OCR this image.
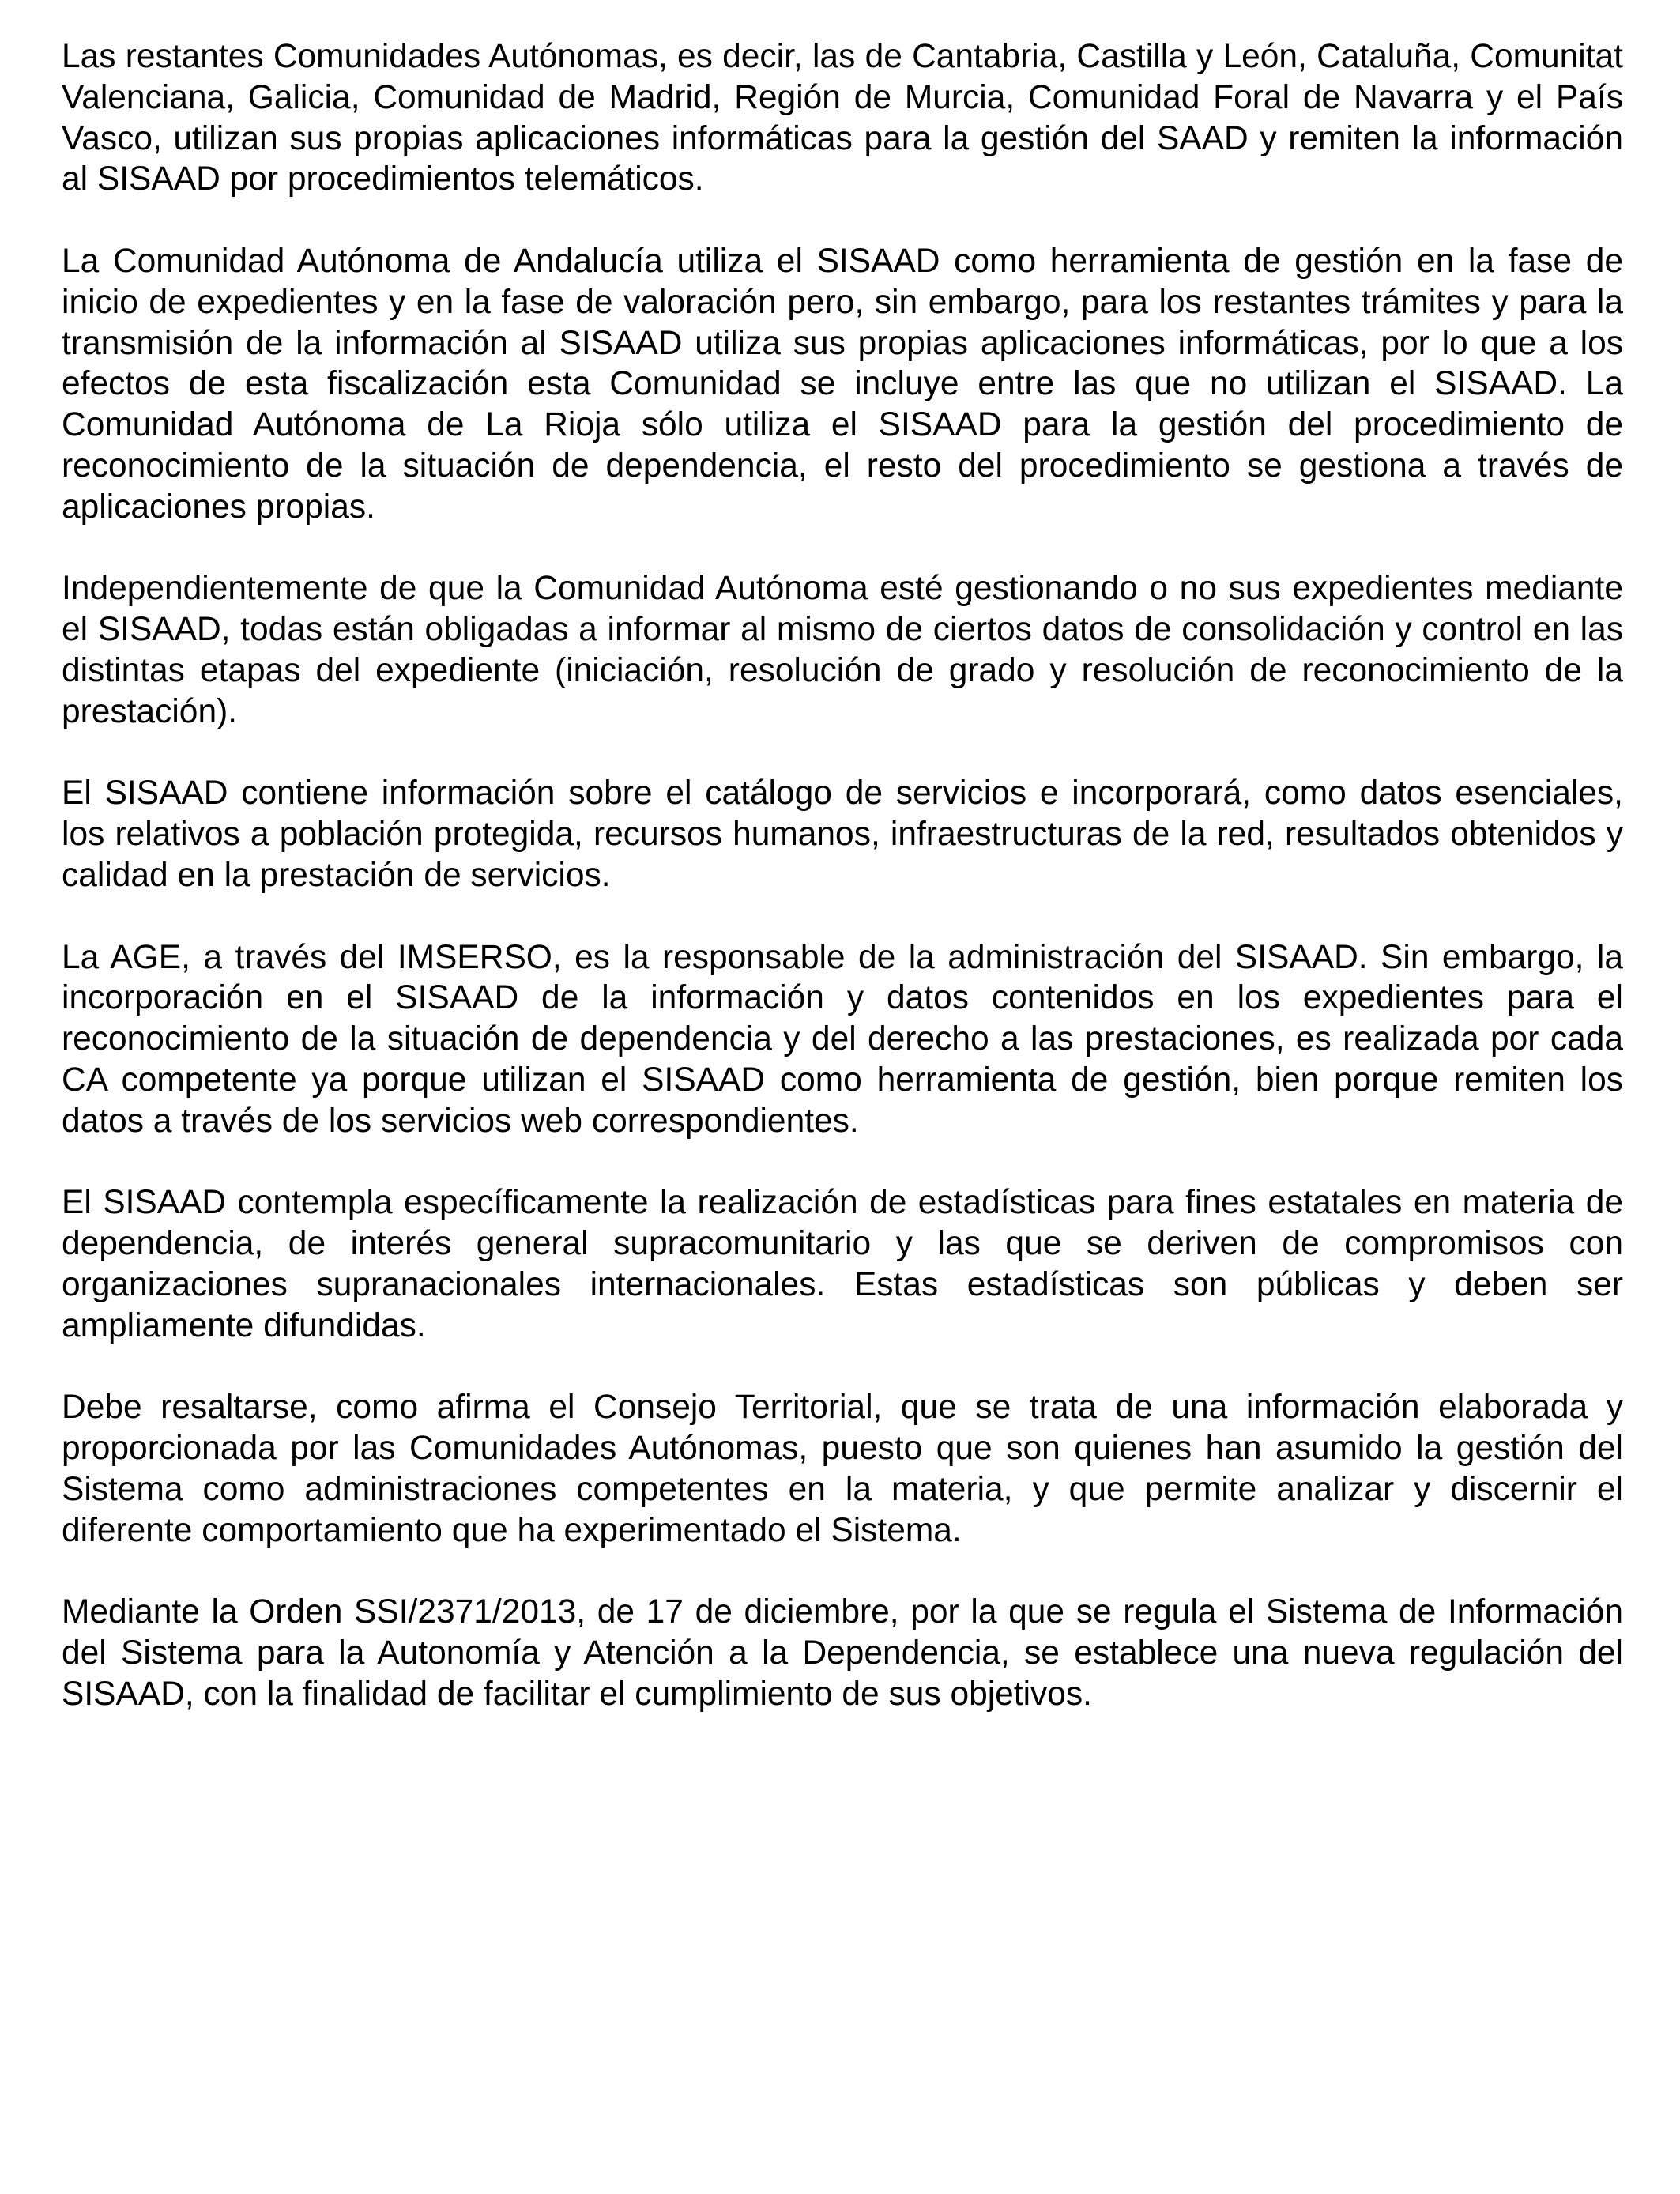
Las restantes Comunidades Autónomas, es decir, las de Cantabria, Castilla y León, Cataluña, Comunitat Valenciana, Galicia, Comunidad de Madrid, Región de Murcia, Comunidad Foral de Navarra y el País Vasco, utilizan sus propias aplicaciones informáticas para la gestión del SAAD y remiten la información al SISAAD por procedimientos telemáticos.

La Comunidad Autónoma de Andalucía utiliza el SISAAD como herramienta de gestión en la fase de inicio de expedientes y en la fase de valoración pero, sin embargo, para los restantes trámites y para la transmisión de la información al SISAAD utiliza sus propias aplicaciones informáticas, por lo que a los efectos de esta fiscalización esta Comunidad se incluye entre las que no utilizan el SISAAD. La Comunidad Autónoma de La Rioja sólo utiliza el SISAAD para la gestión del procedimiento de reconocimiento de la situación de dependencia, el resto del procedimiento se gestiona a través de aplicaciones propias.

Independientemente de que la Comunidad Autónoma esté gestionando o no sus expedientes mediante el SISAAD, todas están obligadas a informar al mismo de ciertos datos de consolidación y control en las distintas etapas del expediente (iniciación, resolución de grado y resolución de reconocimiento de la prestación).

El SISAAD contiene información sobre el catálogo de servicios e incorporará, como datos esenciales, los relativos a población protegida, recursos humanos, infraestructuras de la red, resultados obtenidos y calidad en la prestación de servicios.

La AGE, a través del IMSERSO, es la responsable de la administración del SISAAD. Sin embargo, la incorporación en el SISAAD de la información y datos contenidos en los expedientes para el reconocimiento de la situación de dependencia y del derecho a las prestaciones, es realizada por cada CA competente ya porque utilizan el SISAAD como herramienta de gestión, bien porque remiten los datos a través de los servicios web correspondientes.

El SISAAD contempla específicamente la realización de estadísticas para fines estatales en materia de dependencia, de interés general supracomunitario y las que se deriven de compromisos con organizaciones supranacionales internacionales. Estas estadísticas son públicas y deben ser ampliamente difundidas.

Debe resaltarse, como afirma el Consejo Territorial, que se trata de una información elaborada y proporcionada por las Comunidades Autónomas, puesto que son quienes han asumido la gestión del Sistema como administraciones competentes en la materia, y que permite analizar y discernir el diferente comportamiento que ha experimentado el Sistema.

Mediante la Orden SSI/2371/2013, de 17 de diciembre, por la que se regula el Sistema de Información del Sistema para la Autonomía y Atención a la Dependencia, se establece una nueva regulación del SISAAD, con la finalidad de facilitar el cumplimiento de sus objetivos.
